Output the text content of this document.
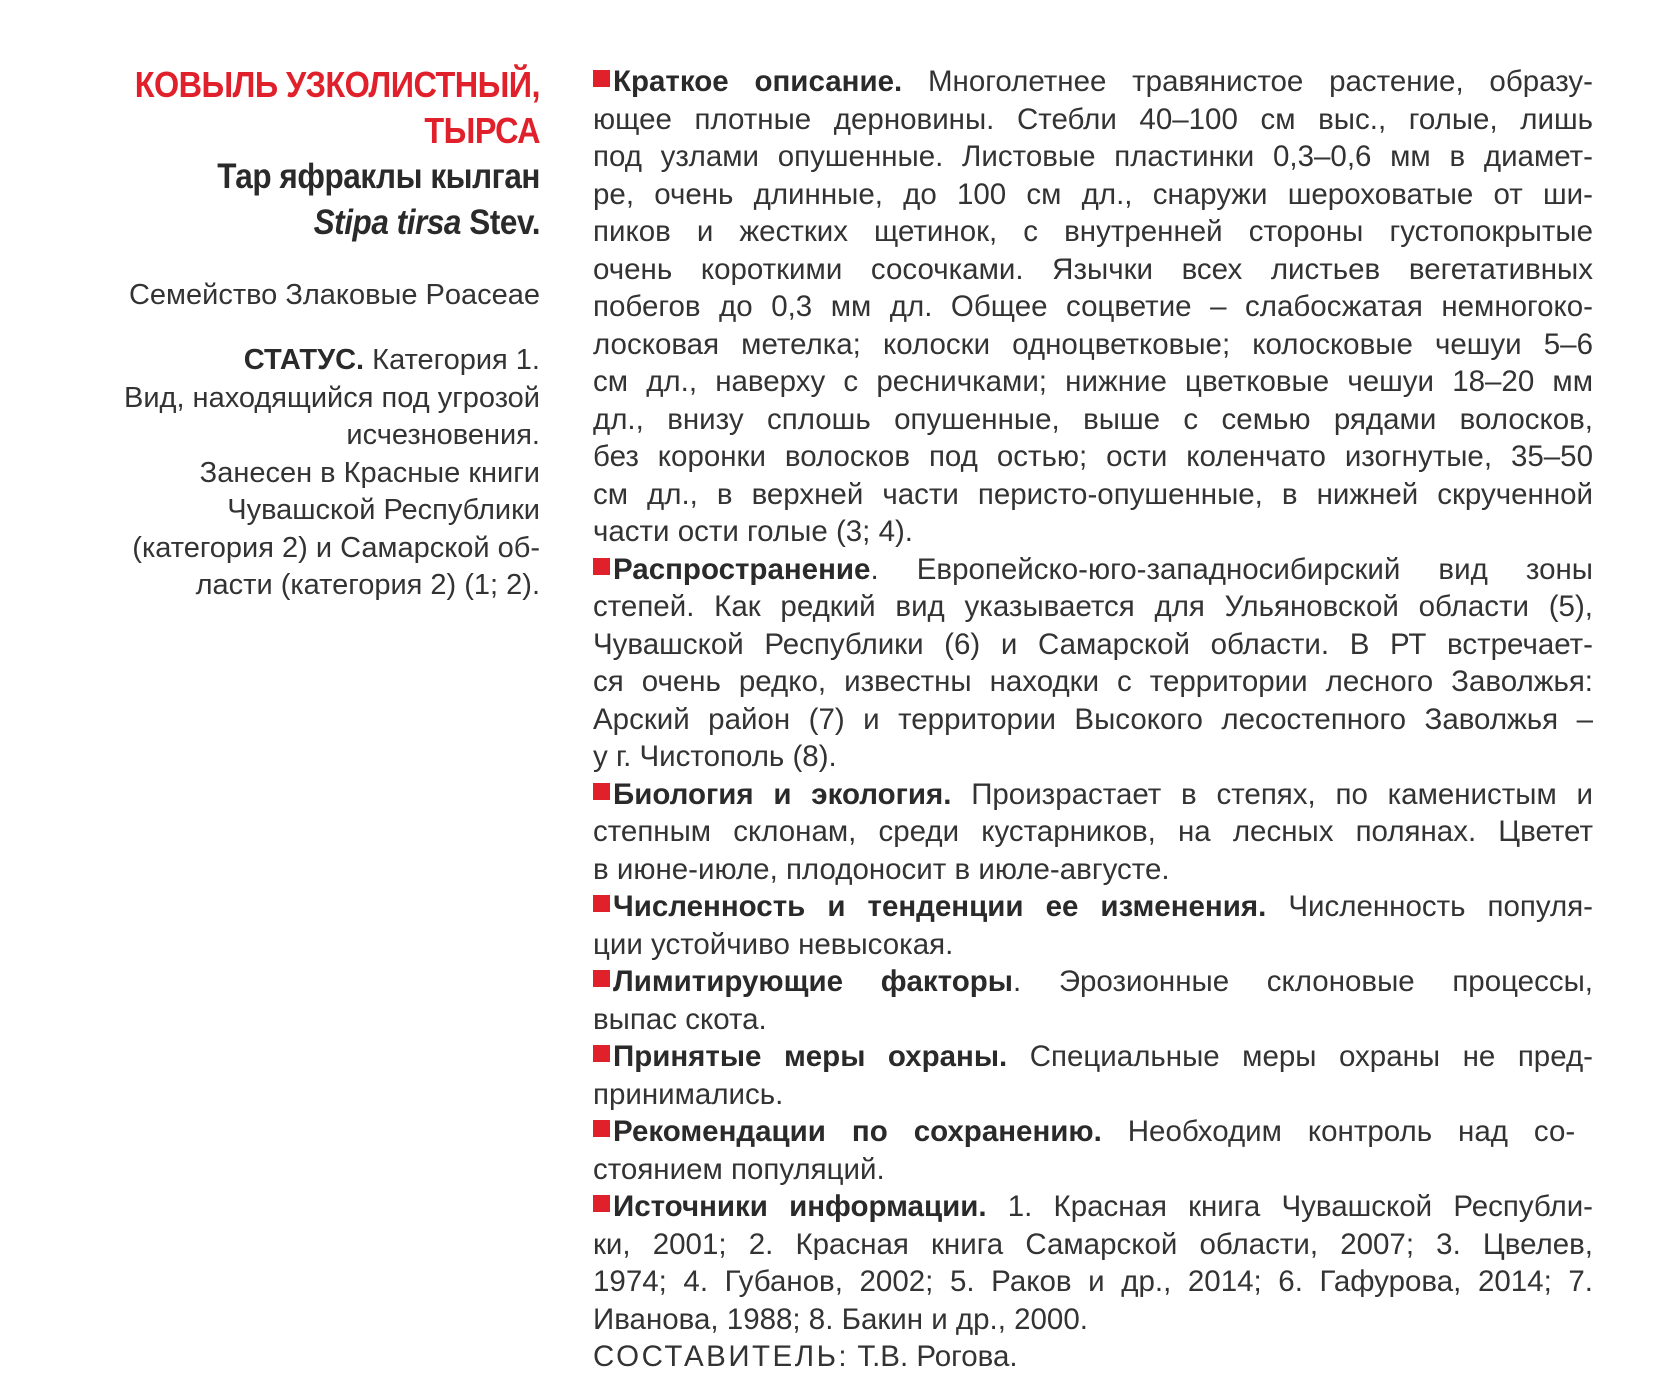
КОВЫЛЬ УЗКОЛИСТНЫЙ,
ТЫРСА
Тар яфраклы кылган
Stipa tirsa Stev.
Семейство Злаковые Poaceae
СТАТУС. Категория 1.
Вид, находящийся под угрозой
исчезновения.
Занесен в Красные книги
Чувашской Республики
(категория 2) и Самарской об-
ласти (категория 2) (1; 2).
Краткое описание. Многолетнее травянистое растение, образу-
ющее плотные дерновины. Стебли 40–100 см выс., голые, лишь
под узлами опушенные. Листовые пластинки 0,3–0,6 мм в диамет-
ре, очень длинные, до 100 см дл., снаружи шероховатые от ши-
пиков и жестких щетинок, с внутренней стороны густопокрытые
очень короткими сосочками. Язычки всех листьев вегетативных
побегов до 0,3 мм дл. Общее соцветие – слабосжатая немногоко-
лосковая метелка; колоски одноцветковые; колосковые чешуи 5–6
см дл., наверху с ресничками; нижние цветковые чешуи 18–20 мм
дл., внизу сплошь опушенные, выше с семью рядами волосков,
без коронки волосков под остью; ости коленчато изогнутые, 35–50
см дл., в верхней части перисто-опушенные, в нижней скрученной
части ости голые (3; 4).
Распространение. Европейско-юго-западносибирский вид зоны
степей. Как редкий вид указывается для Ульяновской области (5),
Чувашской Республики (6) и Самарской области. В РТ встречает-
ся очень редко, известны находки с территории лесного Заволжья:
Арский район (7) и территории Высокого лесостепного Заволжья –
у г. Чистополь (8).
Биология и экология. Произрастает в степях, по каменистым и
степным склонам, среди кустарников, на лесных полянах. Цветет
в июне-июле, плодоносит в июле-августе.
Численность и тенденции ее изменения. Численность популя-
ции устойчиво невысокая.
Лимитирующие факторы. Эрозионные склоновые процессы,
выпас скота.
Принятые меры охраны. Специальные меры охраны не пред-
принимались.
Рекомендации по сохранению. Необходим контроль над со-
стоянием популяций.
Источники информации. 1. Красная книга Чувашской Республи-
ки, 2001; 2. Красная книга Самарской области, 2007; 3. Цвелев,
1974; 4. Губанов, 2002; 5. Раков и др., 2014; 6. Гафурова, 2014; 7.
Иванова, 1988; 8. Бакин и др., 2000.
СОСТАВИТЕЛЬ: Т.В. Рогова.
